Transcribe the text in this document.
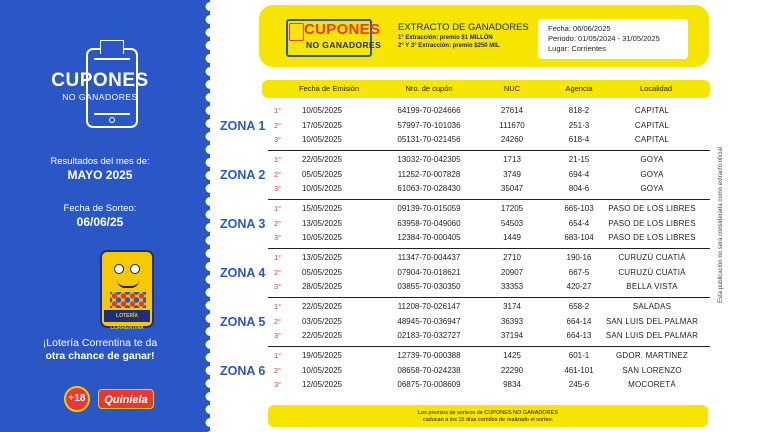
CUPONES
NO GANADORES
Resultados del mes de:
MAYO 2025
Fecha de Sorteo:
06/06/25
LOTERÍA CORRENTINA
¡Lotería Correntina te da
otra chance de ganar!
+18	Quiniela
CUPONES
NO GANADORES
EXTRACTO DE GANADORES
1° Extracción: premio $1 MILLÓN
2° Y 3° Extracción: premio $250 MIL
Fecha: 06/06/2025
Periodo: 01/05/2024 - 31/05/2025
Lugar: Corrientes
Fecha de Emisión	Nro. de cupón	NUC	Agencia	Localidad
ZONA 1
1°	10/05/2025	64199-70-024666	27614	818-2	CAPITAL
2°	17/05/2025	57997-70-101036	111670	251-3	CAPITAL
3°	10/05/2025	05131-70-021456	24260	618-4	CAPITAL
ZONA 2
1°	22/05/2025	13032-70-042305	1713	21-15	GOYA
2°	05/05/2025	11252-70-007828	3749	694-4	GOYA
3°	10/05/2025	61063-70-028430	35047	804-6	GOYA
ZONA 3
1°	15/05/2025	09139-70-015059	17205	665-103	PASO DE LOS LIBRES
2°	13/05/2025	63958-70-049060	54503	654-4	PASO DE LOS LIBRES
3°	10/05/2025	12384-70-000405	1449	683-104	PASO DE LOS LIBRES
ZONA 4
1°	13/05/2025	11347-70-004437	2710	190-16	CURUZÚ CUATIÁ
2°	05/05/2025	07904-70-018621	20907	667-5	CURUZÚ CUATIÁ
3°	28/05/2025	03855-70-030350	33353	420-27	BELLA VISTA
ZONA 5
1°	22/05/2025	11208-70-026147	3174	658-2	SALADAS
2°	03/05/2025	48945-70-036947	36393	664-14	SAN LUIS DEL PALMAR
3°	22/05/2025	02183-70-032727	37194	664-13	SAN LUIS DEL PALMAR
ZONA 6
1°	19/05/2025	12739-70-000388	1425	601-1	GDOR. MARTINEZ
2°	10/05/2025	08658-70-024238	22290	461-101	SAN LORENZO
3°	12/05/2025	06875-70-008609	9834	245-6	MOCORETÁ
Los premios de sorteos de CUPONES NO GANADORES
caducan a los 15 días corridos de realizado el sorteo.
Esta publicación no será considerada como extracto oficial
